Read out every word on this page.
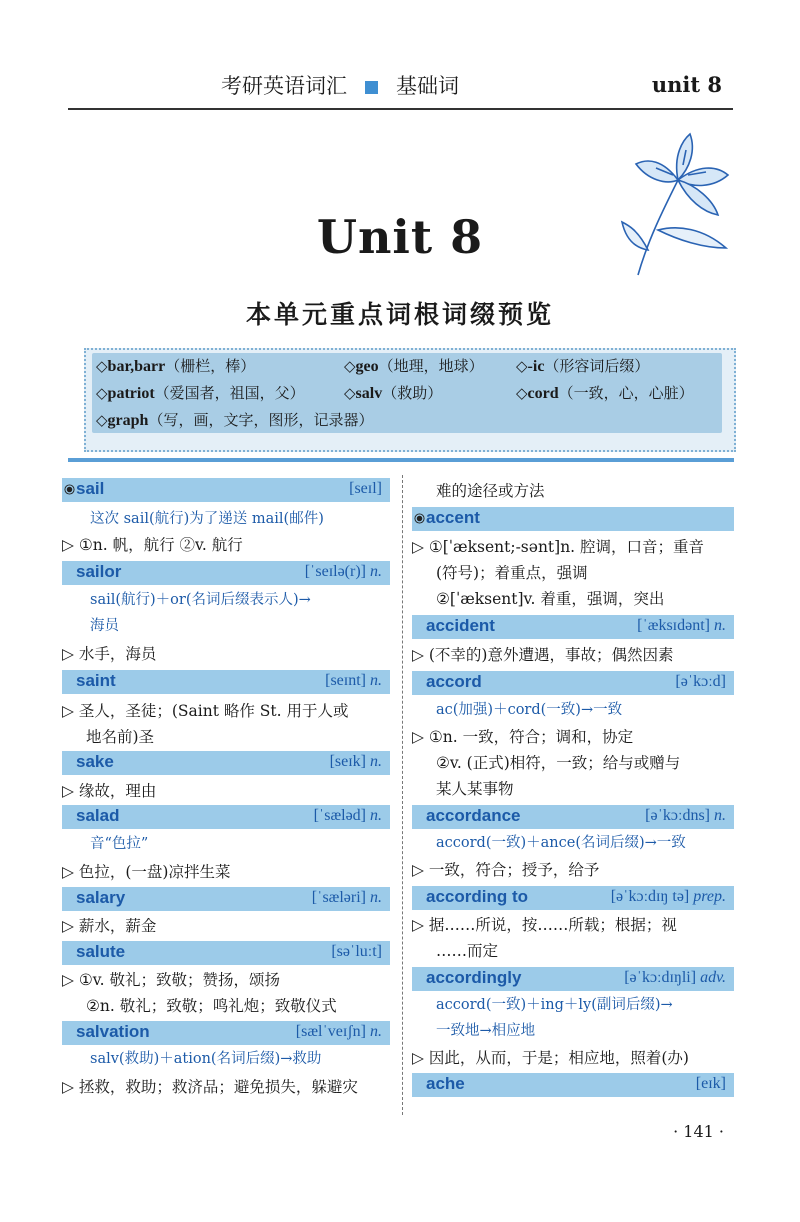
考研英语词汇 基础词	unit 8
Unit 8
本单元重点词根词缀预览
◇bar,barr（栅栏，棒）	◇geo（地理，地球） ◇-ic（形容词后缀）
◇patriot（爱国者，祖国，父）	◇salv（救助）	◇cord（一致，心，心脏）
◇graph（写，画，文字，图形，记录器）
sail	[seɪl]
这次 sail(航行)为了递送 mail(邮件)
▷ ①n. 帆，航行 ②v. 航行
sailor	[ˈseɪlə(r)] n.
sail(航行)＋or(名词后缀表示人)→
海员
▷ 水手，海员
saint	[seɪnt] n.
▷ 圣人，圣徒；(Saint 略作 St. 用于人或
地名前)圣
sake	[seɪk] n.
▷ 缘故，理由
salad	[ˈsæləd] n.
音“色拉”
▷ 色拉，(一盘)凉拌生菜
salary	[ˈsæləri] n.
▷ 薪水，薪金
salute	[səˈluːt]
▷ ①v. 敬礼；致敬；赞扬，颂扬
②n. 敬礼；致敬；鸣礼炮；致敬仪式
salvation	[sælˈveɪʃn] n.
salv(救助)＋ation(名词后缀)→救助
▷ 拯救，救助；救济品；避免损失，躲避灾
难的途径或方法
accent
▷ ①[ˈæksent;-sənt]n. 腔调，口音；重音
(符号)；着重点，强调
②[ˈæksent]v. 着重，强调，突出
accident	[ˈæksɪdənt] n.
▷ (不幸的)意外遭遇，事故；偶然因素
accord	[əˈkɔːd]
ac(加强)＋cord(一致)→一致
▷ ①n. 一致，符合；调和，协定
②v. (正式)相符，一致；给与或赠与
某人某事物
accordance	[əˈkɔːdns] n.
accord(一致)＋ance(名词后缀)→一致
▷ 一致，符合；授予，给予
according to	[əˈkɔːdɪŋ tə] prep.
▷ 据……所说，按……所载；根据；视
……而定
accordingly	[əˈkɔːdɪŋli] adv.
accord(一致)＋ing＋ly(副词后缀)→
一致地→相应地
▷ 因此，从而，于是；相应地，照着(办)
ache	[eɪk]
· 141 ·
